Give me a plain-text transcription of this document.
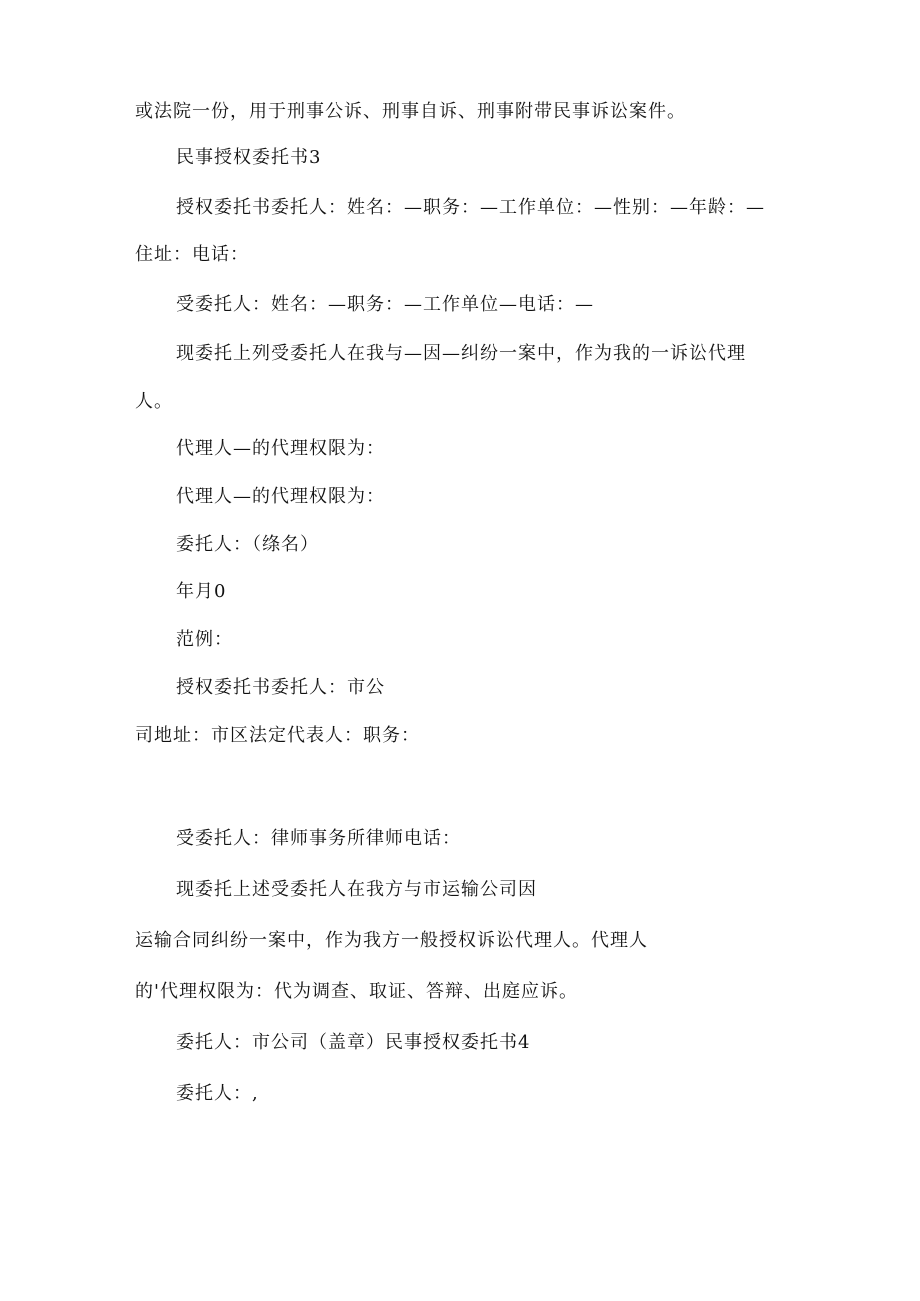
或法院一份，用于刑事公诉、刑事自诉、刑事附带民事诉讼案件。
民事授权委托书3
授权委托书委托人：姓名：—职务：—工作单位：—性别：—年龄：—
住址：电话：
受委托人：姓名：—职务：—工作单位—电话：—
现委托上列受委托人在我与—因—纠纷一案中，作为我的一诉讼代理
人。
代理人—的代理权限为：
代理人—的代理权限为：
委托人：（绦名）
年月0
范例：
授权委托书委托人：市公
司地址：市区法定代表人：职务：
受委托人：律师事务所律师电话：
现委托上述受委托人在我方与市运输公司因
运输合同纠纷一案中，作为我方一般授权诉讼代理人。代理人
的'代理权限为：代为调查、取证、答辩、出庭应诉。
委托人：市公司（盖章）民事授权委托书4
委托人：,
